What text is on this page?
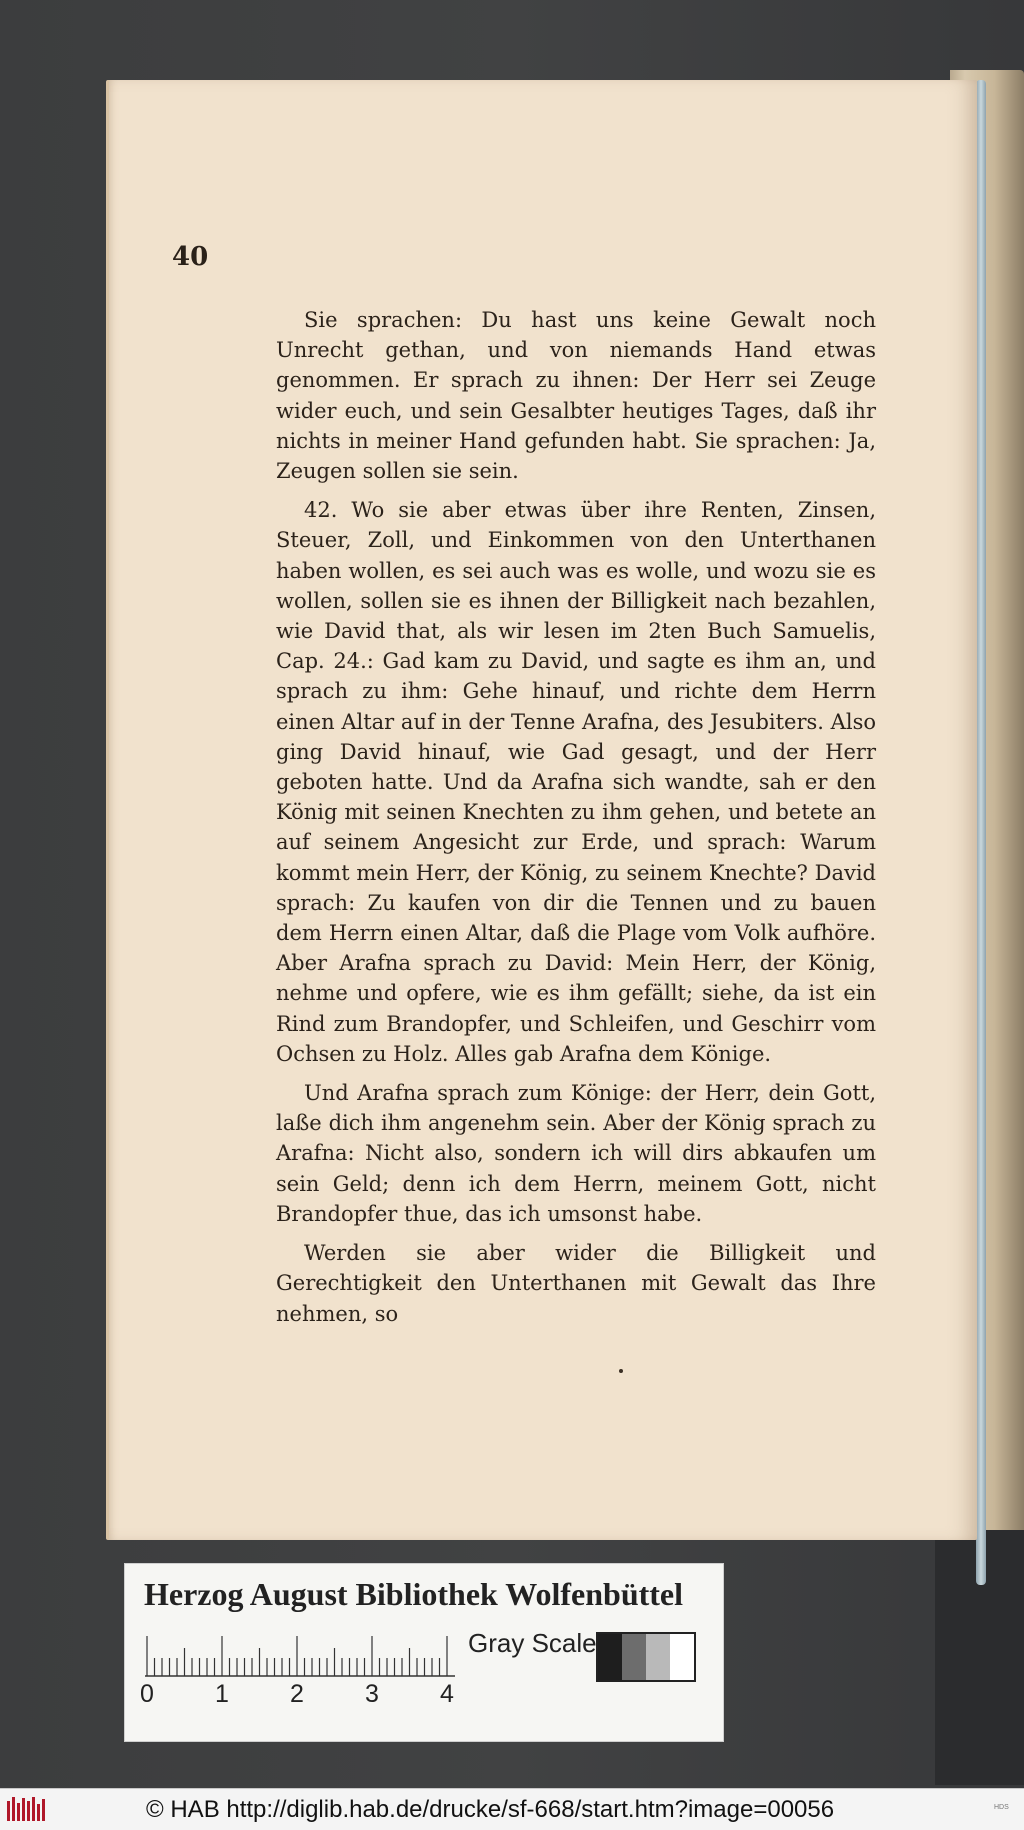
40

Sie sprachen: Du hast uns keine Gewalt noch Unrecht gethan, und von niemands Hand etwas genommen. Er sprach zu ihnen: Der Herr sei Zeuge wider euch, und sein Gesalbter heutiges Tages, daß ihr nichts in meiner Hand gefunden habt. Sie sprachen: Ja, Zeugen sollen sie sein.

42. Wo sie aber etwas über ihre Renten, Zinsen, Steuer, Zoll, und Einkommen von den Unterthanen haben wollen, es sei auch was es wolle, und wozu sie es wollen, sollen sie es ihnen der Billigkeit nach bezahlen, wie David that, als wir lesen im 2ten Buch Samuelis, Cap. 24.: Gad kam zu David, und sagte es ihm an, und sprach zu ihm: Gehe hinauf, und richte dem Herrn einen Altar auf in der Tenne Arafna, des Jesubiters. Also ging David hinauf, wie Gad gesagt, und der Herr geboten hatte. Und da Arafna sich wandte, sah er den König mit seinen Knechten zu ihm gehen, und betete an auf seinem Angesicht zur Erde, und sprach: Warum kommt mein Herr, der König, zu seinem Knechte? David sprach: Zu kaufen von dir die Tennen und zu bauen dem Herrn einen Altar, daß die Plage vom Volk aufhöre. Aber Arafna sprach zu David: Mein Herr, der König, nehme und opfere, wie es ihm gefällt; siehe, da ist ein Rind zum Brandopfer, und Schleifen, und Geschirr vom Ochsen zu Holz. Alles gab Arafna dem Könige.

Und Arafna sprach zum Könige: der Herr, dein Gott, laße dich ihm angenehm sein. Aber der König sprach zu Arafna: Nicht also, sondern ich will dirs abkaufen um sein Geld; denn ich dem Herrn, meinem Gott, nicht Brandopfer thue, das ich umsonst habe.

Werden sie aber wider die Billigkeit und Gerechtigkeit den Unterthanen mit Gewalt das Ihre nehmen, so

Herzog August Bibliothek Wolfenbüttel
0 1 2 3 4
Gray Scale
© HAB http://diglib.hab.de/drucke/sf-668/start.htm?image=00056	HDS
